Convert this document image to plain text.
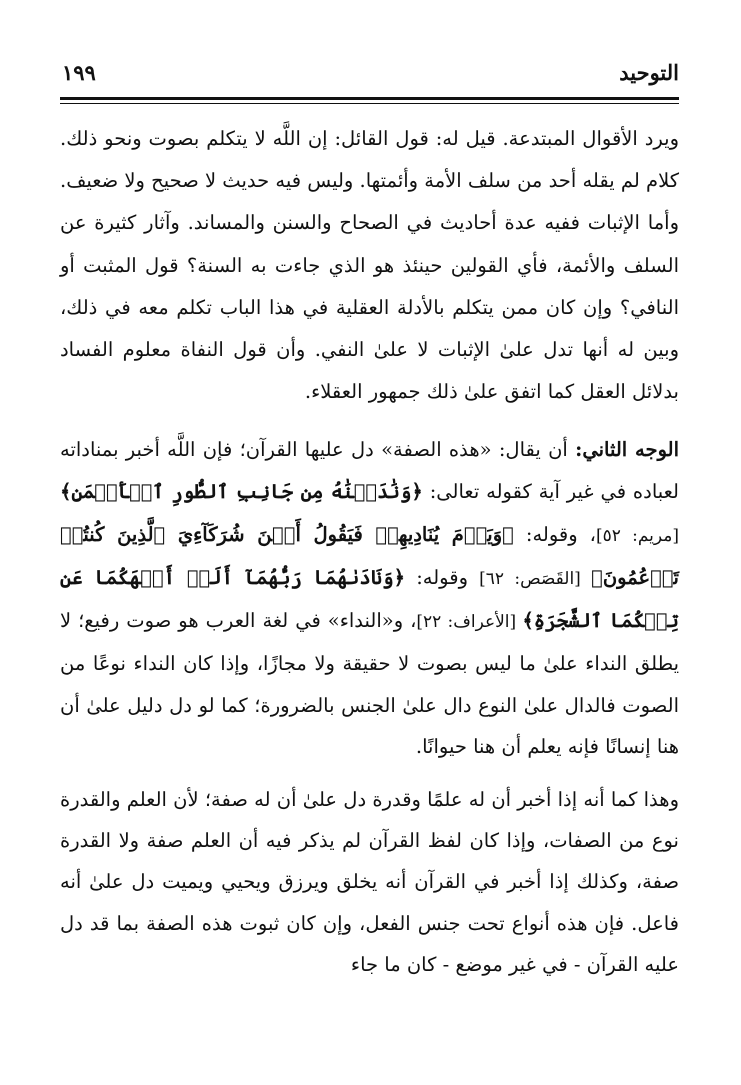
التوحيد
١٩٩

ويرد الأقوال المبتدعة. قيل له: قول القائل: إن اللَّه لا يتكلم بصوت ونحو ذلك. كلام لم يقله أحد من سلف الأمة وأئمتها. وليس فيه حديث لا صحيح ولا ضعيف. وأما الإثبات ففيه عدة أحاديث في الصحاح والسنن والمساند. وآثار كثيرة عن السلف والأئمة، فأي القولين حينئذ هو الذي جاءت به السنة؟ قول المثبت أو النافي؟ وإن كان ممن يتكلم بالأدلة العقلية في هذا الباب تكلم معه في ذلك، وبين له أنها تدل علىٰ الإثبات لا علىٰ النفي. وأن قول النفاة معلوم الفساد بدلائل العقل كما اتفق علىٰ ذلك جمهور العقلاء.

الوجه الثاني: أن يقال: «هذه الصفة» دل عليها القرآن؛ فإن اللَّه أخبر بمناداته لعباده في غير آية كقوله تعالى: ﴿وَنَٰدَيۡنَٰهُ مِن جَانِبِ ٱلطُّورِ ٱلۡأَيۡمَنِ﴾ [مريم: ٥٢]، وقوله: ﴿وَيَوۡمَ يُنَادِيهِمۡ فَيَقُولُ أَيۡنَ شُرَكَآءِيَ ٱلَّذِينَ كُنتُمۡ تَزۡعُمُونَ﴾ [القَصَص: ٦٢] وقوله: ﴿وَنَادَىٰهُمَا رَبُّهُمَآ أَلَمۡ أَنۡهَكُمَا عَن تِلۡكُمَا ٱلشَّجَرَةِ﴾ [الأعراف: ٢٢]، و«النداء» في لغة العرب هو صوت رفيع؛ لا يطلق النداء علىٰ ما ليس بصوت لا حقيقة ولا مجازًا، وإذا كان النداء نوعًا من الصوت فالدال علىٰ النوع دال علىٰ الجنس بالضرورة؛ كما لو دل دليل علىٰ أن هنا إنسانًا فإنه يعلم أن هنا حيوانًا.

وهذا كما أنه إذا أخبر أن له علمًا وقدرة دل علىٰ أن له صفة؛ لأن العلم والقدرة نوع من الصفات، وإذا كان لفظ القرآن لم يذكر فيه أن العلم صفة ولا القدرة صفة، وكذلك إذا أخبر في القرآن أنه يخلق ويرزق ويحيي ويميت دل علىٰ أنه فاعل. فإن هذه أنواع تحت جنس الفعل، وإن كان ثبوت هذه الصفة بما قد دل عليه القرآن - في غير موضع - كان ما جاء
